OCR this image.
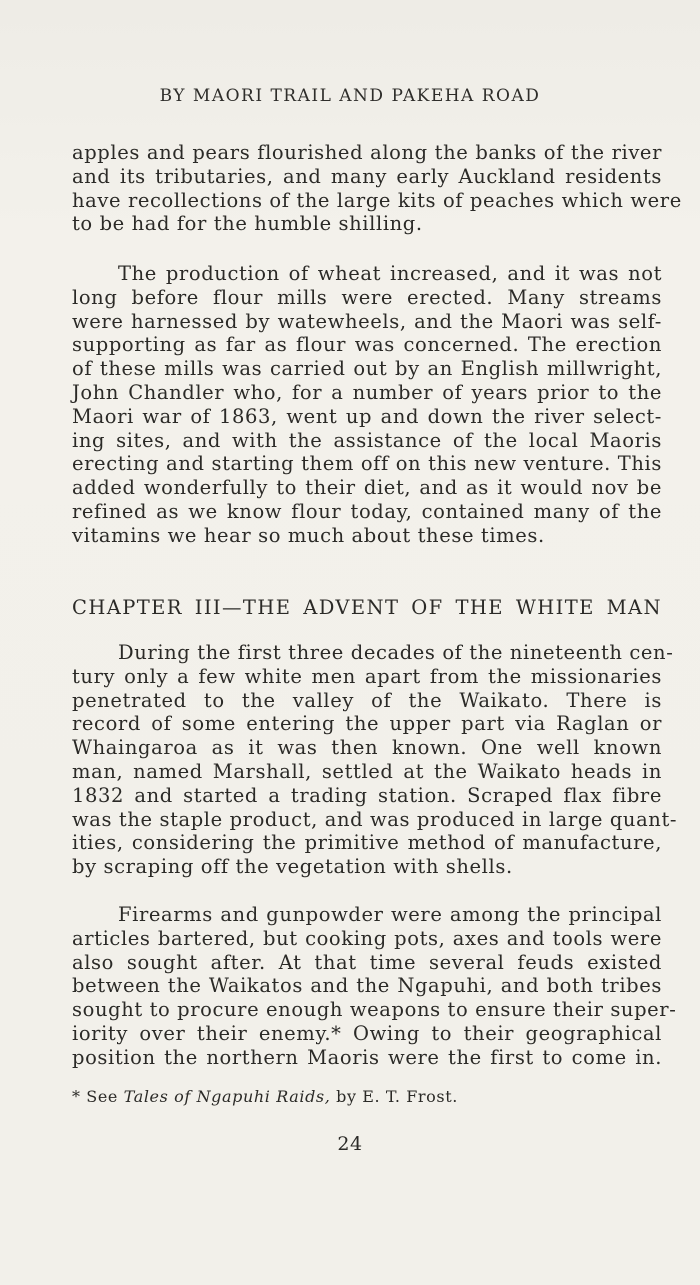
BY MAORI TRAIL AND PAKEHA ROAD

apples and pears flourished along the banks of the river
and its tributaries, and many early Auckland residents
have recollections of the large kits of peaches which were
to be had for the humble shilling.

The production of wheat increased, and it was not
long before flour mills were erected. Many streams
were harnessed by watewheels, and the Maori was self-
supporting as far as flour was concerned. The erection
of these mills was carried out by an English millwright,
John Chandler who, for a number of years prior to the
Maori war of 1863, went up and down the river select-
ing sites, and with the assistance of the local Maoris
erecting and starting them off on this new venture. This
added wonderfully to their diet, and as it would nov be
refined as we know flour today, contained many of the
vitamins we hear so much about these times.

CHAPTER III—THE ADVENT OF THE WHITE MAN

During the first three decades of the nineteenth cen-
tury only a few white men apart from the missionaries
penetrated to the valley of the Waikato. There is
record of some entering the upper part via Raglan or
Whaingaroa as it was then known. One well known
man, named Marshall, settled at the Waikato heads in
1832 and started a trading station. Scraped flax fibre
was the staple product, and was produced in large quant-
ities, considering the primitive method of manufacture,
by scraping off the vegetation with shells.

Firearms and gunpowder were among the principal
articles bartered, but cooking pots, axes and tools were
also sought after. At that time several feuds existed
between the Waikatos and the Ngapuhi, and both tribes
sought to procure enough weapons to ensure their super-
iority over their enemy.* Owing to their geographical
position the northern Maoris were the first to come in.

* See Tales of Ngapuhi Raids, by E. T. Frost.
24
